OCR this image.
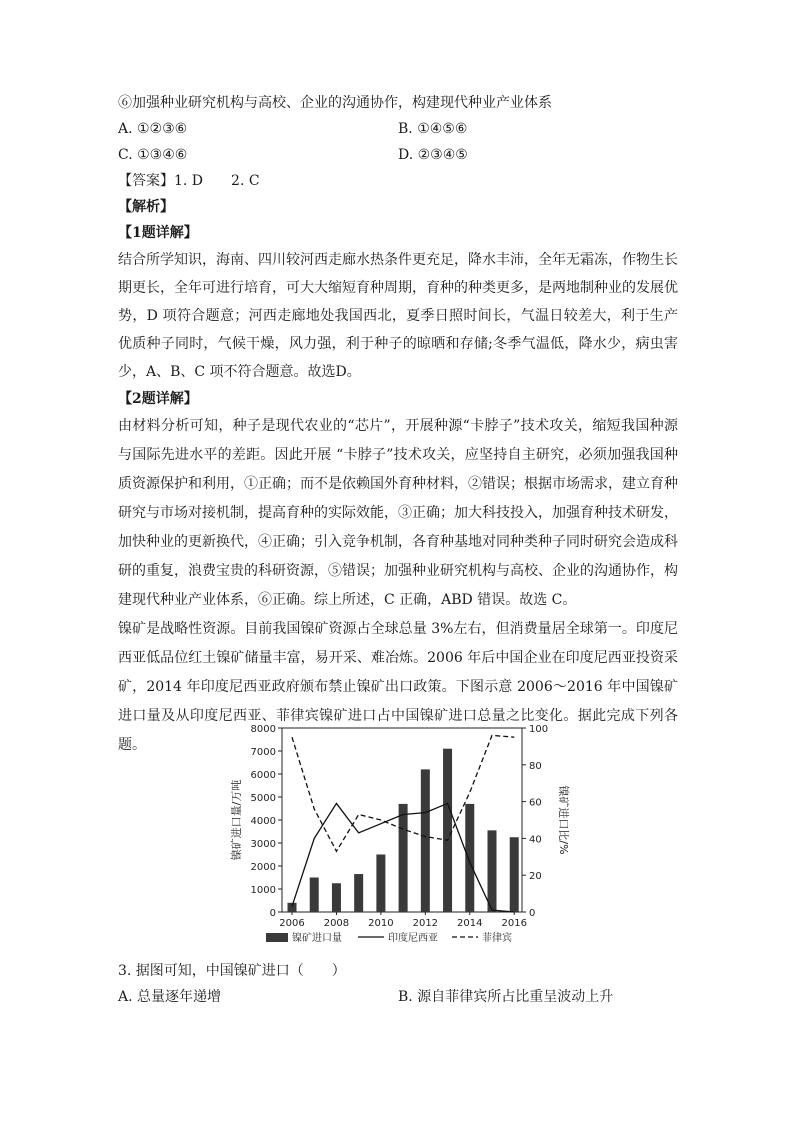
⑥加强种业研究机构与高校、企业的沟通协作，构建现代种业产业体系
A. ①②③⑥	B. ①④⑤⑥
C. ①③④⑥	D. ②③④⑤
【答案】1. D　　2. C
【解析】
【1题详解】

结合所学知识，海南、四川较河西走廊水热条件更充足，降水丰沛，全年无霜冻，作物生长期更长，全年可进行培育，可大大缩短育种周期，育种的种类更多，是两地制种业的发展优势，D 项符合题意；河西走廊地处我国西北，夏季日照时间长，气温日较差大，利于生产优质种子同时，气候干燥，风力强，利于种子的晾晒和存储;冬季气温低，降水少，病虫害少，A、B、C 项不符合题意。故选D。

【2题详解】

由材料分析可知，种子是现代农业的“芯片”，开展种源“卡脖子”技术攻关，缩短我国种源与国际先进水平的差距。因此开展 “卡脖子”技术攻关，应坚持自主研究，必须加强我国种质资源保护和利用，①正确；而不是依赖国外育种材料，②错误；根据市场需求，建立育种研究与市场对接机制，提高育种的实际效能，③正确；加大科技投入，加强育种技术研发，加快种业的更新换代，④正确；引入竞争机制，各育种基地对同种类种子同时研究会造成科研的重复，浪费宝贵的科研资源，⑤错误；加强种业研究机构与高校、企业的沟通协作，构建现代种业产业体系，⑥正确。综上所述，C 正确，ABD 错误。故选 C。

镍矿是战略性资源。目前我国镍矿资源占全球总量 3%左右，但消费量居全球第一。印度尼西亚低品位红土镍矿储量丰富，易开采、难冶炼。2006 年后中国企业在印度尼西亚投资采矿，2014 年印度尼西亚政府颁布禁止镍矿出口政策。下图示意 2006～2016 年中国镍矿进口量及从印度尼西亚、菲律宾镍矿进口占中国镍矿进口总量之比变化。据此完成下列各题。

0
1000
2000
3000
4000
5000
6000
7000
8000
0
20
40
60
80
100
2006 2008 2010 2012 2014 2016
镍矿进口量/万吨	镍矿进口比/%
镍矿进口量	印度尼西亚	菲律宾
3. 据图可知，中国镍矿进口（　　）
A. 总量逐年递增	B. 源自菲律宾所占比重呈波动上升
